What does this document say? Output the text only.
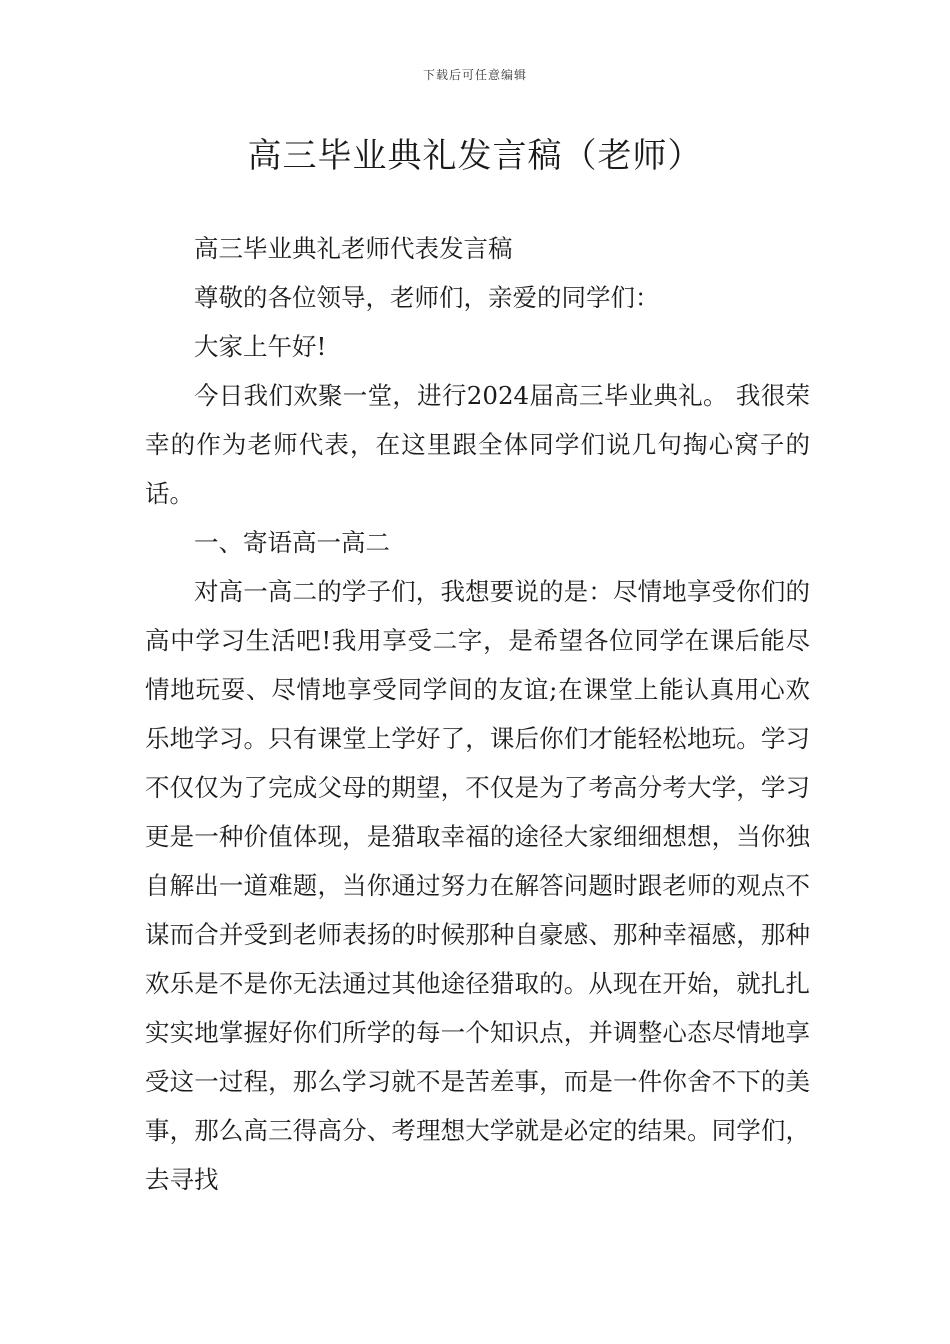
下载后可任意编辑
高三毕业典礼发言稿（老师）

高三毕业典礼老师代表发言稿

尊敬的各位领导，老师们，亲爱的同学们：

大家上午好!

今日我们欢聚一堂，进行2024届高三毕业典礼。 我很荣幸的作为老师代表，在这里跟全体同学们说几句掏心窝子的话。

一、寄语高一高二

对高一高二的学子们，我想要说的是：尽情地享受你们的高中学习生活吧!我用享受二字，是希望各位同学在课后能尽情地玩耍、尽情地享受同学间的友谊;在课堂上能认真用心欢乐地学习。只有课堂上学好了，课后你们才能轻松地玩。学习不仅仅为了完成父母的期望，不仅是为了考高分考大学，学习更是一种价值体现，是猎取幸福的途径大家细细想想，当你独自解出一道难题，当你通过努力在解答问题时跟老师的观点不谋而合并受到老师表扬的时候那种自豪感、那种幸福感，那种欢乐是不是你无法通过其他途径猎取的。从现在开始，就扎扎实实地掌握好你们所学的每一个知识点，并调整心态尽情地享受这一过程，那么学习就不是苦差事，而是一件你舍不下的美事，那么高三得高分、考理想大学就是必定的结果。同学们，去寻找
